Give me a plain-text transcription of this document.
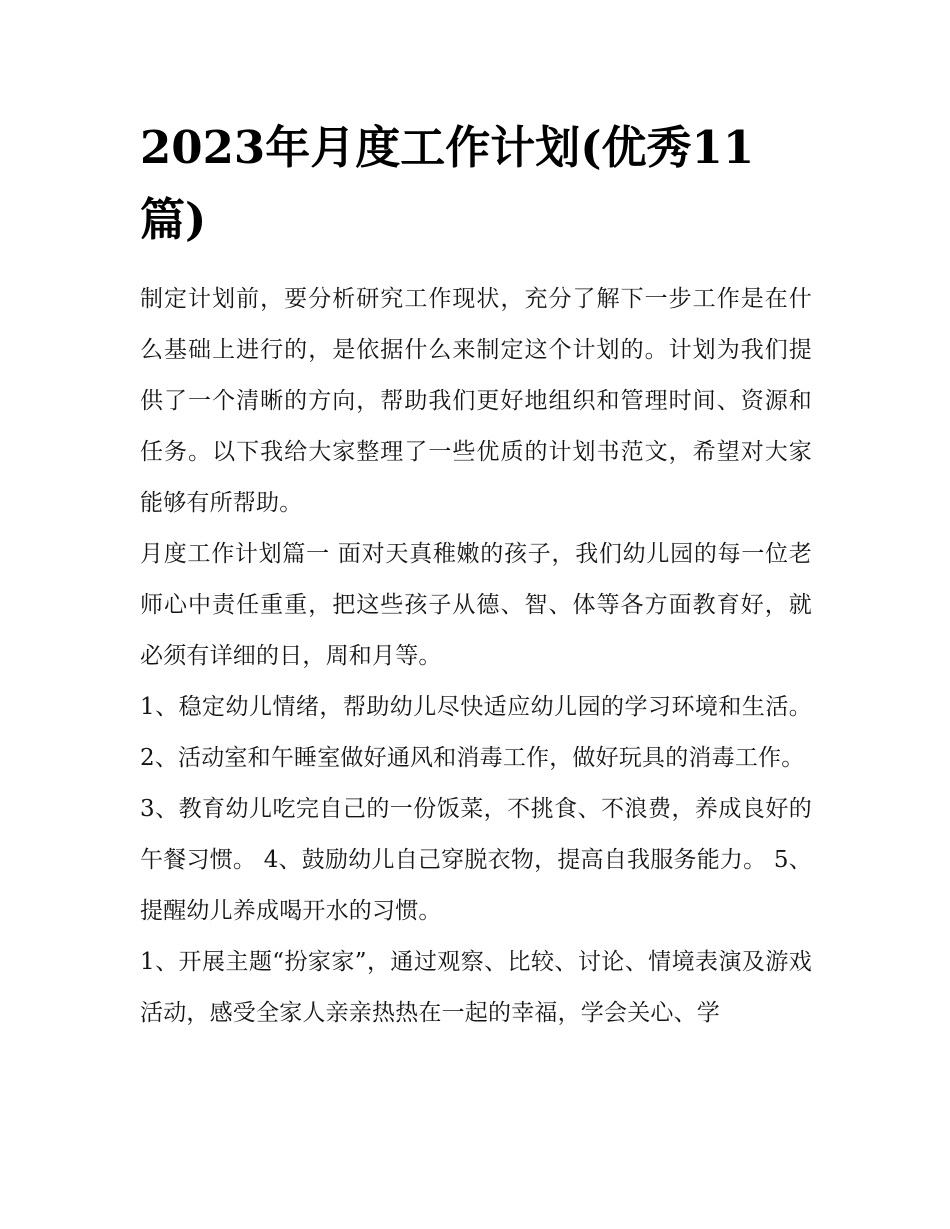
2023年月度工作计划(优秀11篇)

制定计划前，要分析研究工作现状，充分了解下一步工作是在什么基础上进行的，是依据什么来制定这个计划的。计划为我们提供了一个清晰的方向，帮助我们更好地组织和管理时间、资源和任务。以下我给大家整理了一些优质的计划书范文，希望对大家能够有所帮助。

月度工作计划篇一 面对天真稚嫩的孩子，我们幼儿园的每一位老师心中责任重重，把这些孩子从德、智、体等各方面教育好，就必须有详细的日，周和月等。

1、稳定幼儿情绪，帮助幼儿尽快适应幼儿园的学习环境和生活。 2、活动室和午睡室做好通风和消毒工作，做好玩具的消毒工作。

3、教育幼儿吃完自己的一份饭菜，不挑食、不浪费，养成良好的午餐习惯。 4、鼓励幼儿自己穿脱衣物，提高自我服务能力。 5、提醒幼儿养成喝开水的习惯。

1、开展主题“扮家家”，通过观察、比较、讨论、情境表演及游戏活动，感受全家人亲亲热热在一起的幸福，学会关心、学
